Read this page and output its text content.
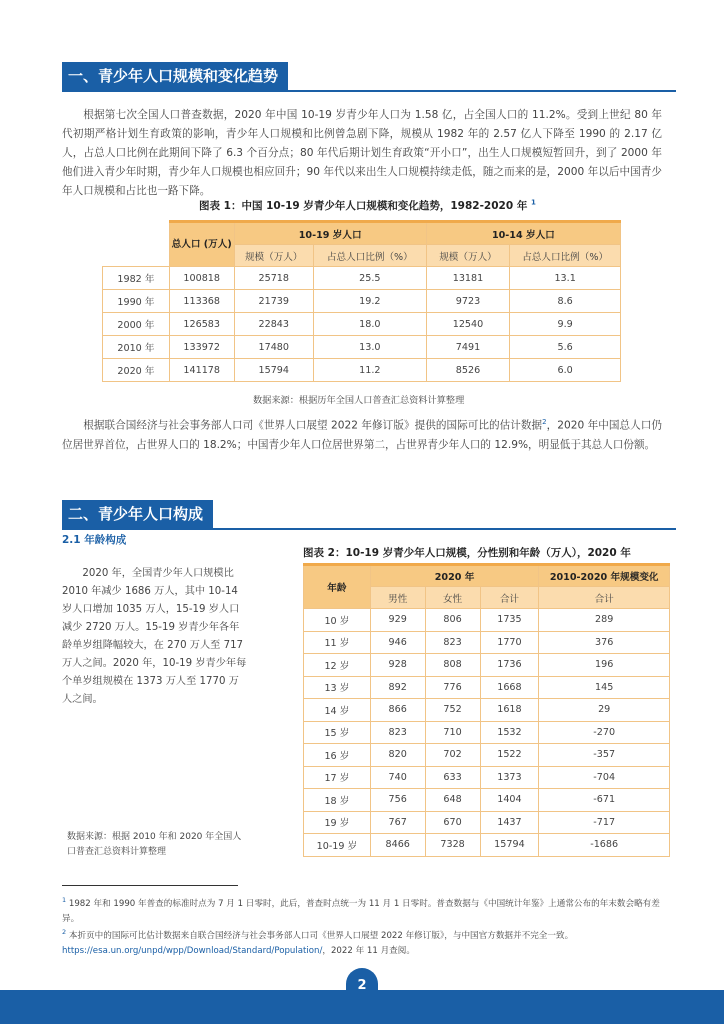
一、青少年人口规模和变化趋势
根据第七次全国人口普查数据，2020 年中国 10-19 岁青少年人口为 1.58 亿，占全国人口的 11.2%。受到上世纪 80 年代初期严格计划生育政策的影响，青少年人口规模和比例曾急剧下降，规模从 1982 年的 2.57 亿人下降至 1990 的 2.17 亿人，占总人口比例在此期间下降了 6.3 个百分点；80 年代后期计划生育政策“开小口”，出生人口规模短暂回升，到了 2000 年他们进入青少年时期，青少年人口规模也相应回升；90 年代以来出生人口规模持续走低，随之而来的是，2000 年以后中国青少年人口规模和占比也一路下降。
图表 1：中国 10-19 岁青少年人口规模和变化趋势，1982-2020 年 $^1$
	总人口 (万人)	10-19 岁人口		10-14 岁人口	
		规模（万人）	占总人口比例（%）	规模（万人）	占总人口比例（%）
1982 年	100818	25718	25.5	13181	13.1
1990 年	113368	21739	19.2	9723	8.6
2000 年	126583	22843	18.0	12540	9.9
2010 年	133972	17480	13.0	7491	5.6
2020 年	141178	15794	11.2	8526	6.0
数据来源：根据历年全国人口普查汇总资料计算整理
根据联合国经济与社会事务部人口司《世界人口展望 2022 年修订版》提供的国际可比的估计数据$^2$，2020 年中国总人口仍位居世界首位，占世界人口的 18.2%；中国青少年人口位居世界第二，占世界青少年人口的 12.9%，明显低于其总人口份额。
二、青少年人口构成
2.1 年龄构成
2020 年，全国青少年人口规模比 2010 年减少 1686 万人，其中 10-14 岁人口增加 1035 万人，15-19 岁人口减少 2720 万人。15-19 岁青少年各年龄单岁组降幅较大，在 270 万人至 717 万人之间。2020 年，10-19 岁青少年每个单岁组规模在 1373 万人至 1770 万人之间。
数据来源：根据 2010 年和 2020 年全国人口普查汇总资料计算整理
图表 2：10-19 岁青少年人口规模，分性别和年龄（万人），2020 年
年龄	2020 年			2010-2020 年规模变化
	男性	女性	合计	合计
10 岁	929	806	1735	289
11 岁	946	823	1770	376
12 岁	928	808	1736	196
13 岁	892	776	1668	145
14 岁	866	752	1618	29
15 岁	823	710	1532	-270
16 岁	820	702	1522	-357
17 岁	740	633	1373	-704
18 岁	756	648	1404	-671
19 岁	767	670	1437	-717
10-19 岁	8466	7328	15794	-1686
$^1$ 1982 年和 1990 年普查的标准时点为 7 月 1 日零时，此后，普查时点统一为 11 月 1 日零时。普查数据与《中国统计年鉴》上通常公布的年末数会略有差异。
$^2$ 本折页中的国际可比估计数据来自联合国经济与社会事务部人口司《世界人口展望 2022 年修订版》，与中国官方数据并不完全一致。
https://esa.un.org/unpd/wpp/Download/Standard/Population/，2022 年 11 月查阅。
2
